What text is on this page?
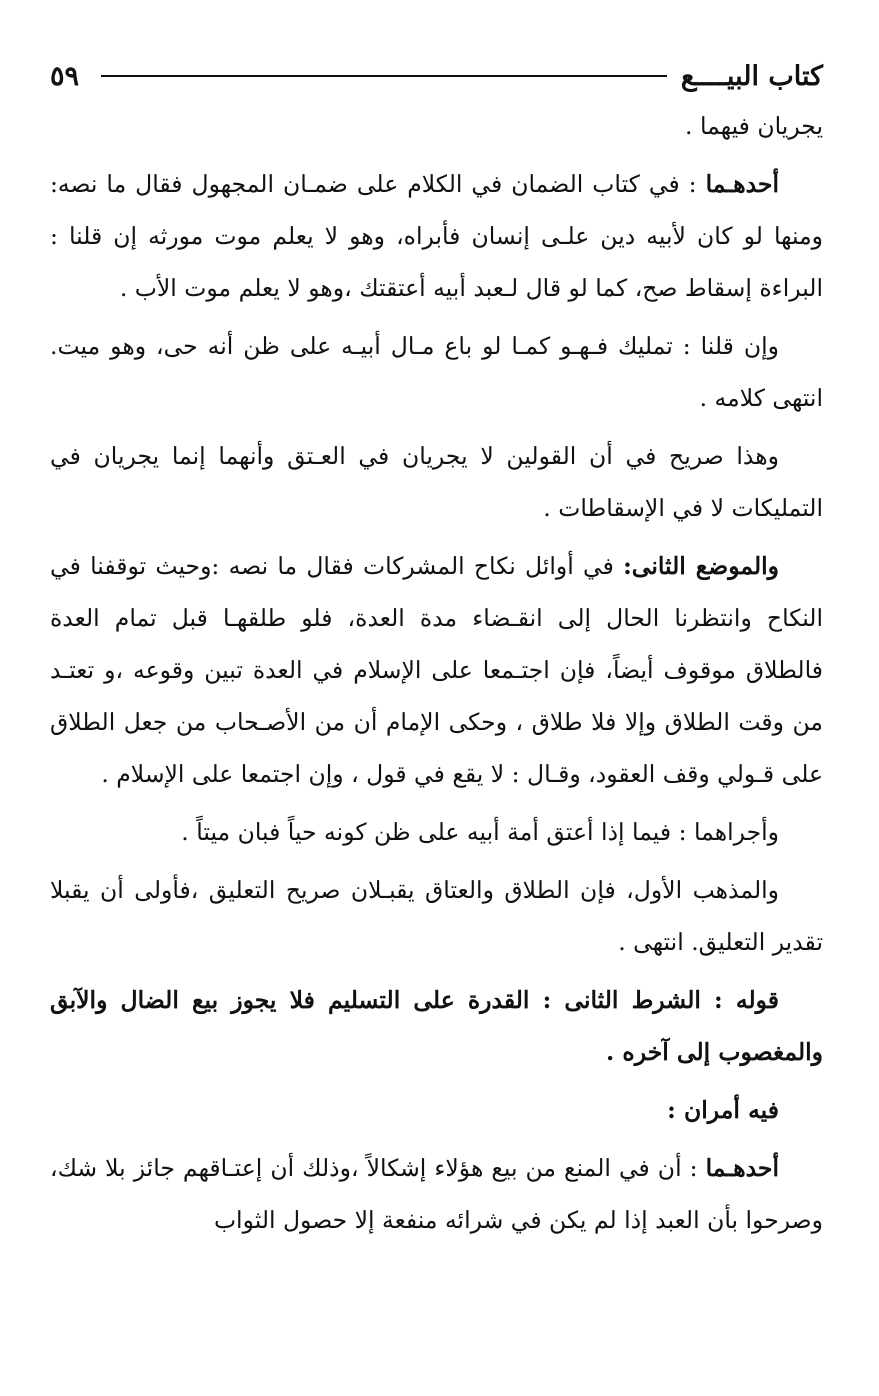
كتاب البيــــع
٥٩

يجريان فيهما .

أحدهـما : في كتاب الضمان في الكلام على ضمـان المجهول فقال ما نصه: ومنها لو كان لأبيه دين علـى إنسان فأبراه، وهو لا يعلم موت مورثه إن قلنا : البراءة إسقاط صح، كما لو قال لـعبد أبيه أعتقتك ،وهو لا يعلم موت الأب .

وإن قلنا : تمليك فـهـو كمـا لو باع مـال أبيـه على ظن أنه حى، وهو ميت. انتهى كلامه .

وهذا صريح في أن القولين لا يجريان في العـتق وأنهما إنما يجريان في التمليكات لا في الإسقاطات .

والموضع الثانى: في أوائل نكاح المشركات فقال ما نصه :وحيث توقفنا في النكاح وانتظرنا الحال إلى انقـضاء مدة العدة، فلو طلقهـا قبل تمام العدة فالطلاق موقوف أيضاً، فإن اجتـمعا على الإسلام في العدة تبين وقوعه ،و تعتـد من وقت الطلاق وإلا فلا طلاق ، وحكى الإمام أن من الأصـحاب من جعل الطلاق على قـولي وقف العقود، وقـال : لا يقع في قول ، وإن اجتمعا على الإسلام .

وأجراهما : فيما إذا أعتق أمة أبيه على ظن كونه حياً فبان ميتاً .

والمذهب الأول، فإن الطلاق والعتاق يقبـلان صريح التعليق ،فأولى أن يقبلا تقدير التعليق. انتهى .

قوله : الشرط الثانى : القدرة على التسليم فلا يجوز بيع الضال والآبق والمغصوب إلى آخره .

فيه أمران :

أحدهـما : أن في المنع من بيع هؤلاء إشكالاً ،وذلك أن إعتـاقهم جائز بلا شك، وصرحوا بأن العبد إذا لم يكن في شرائه منفعة إلا حصول الثواب
